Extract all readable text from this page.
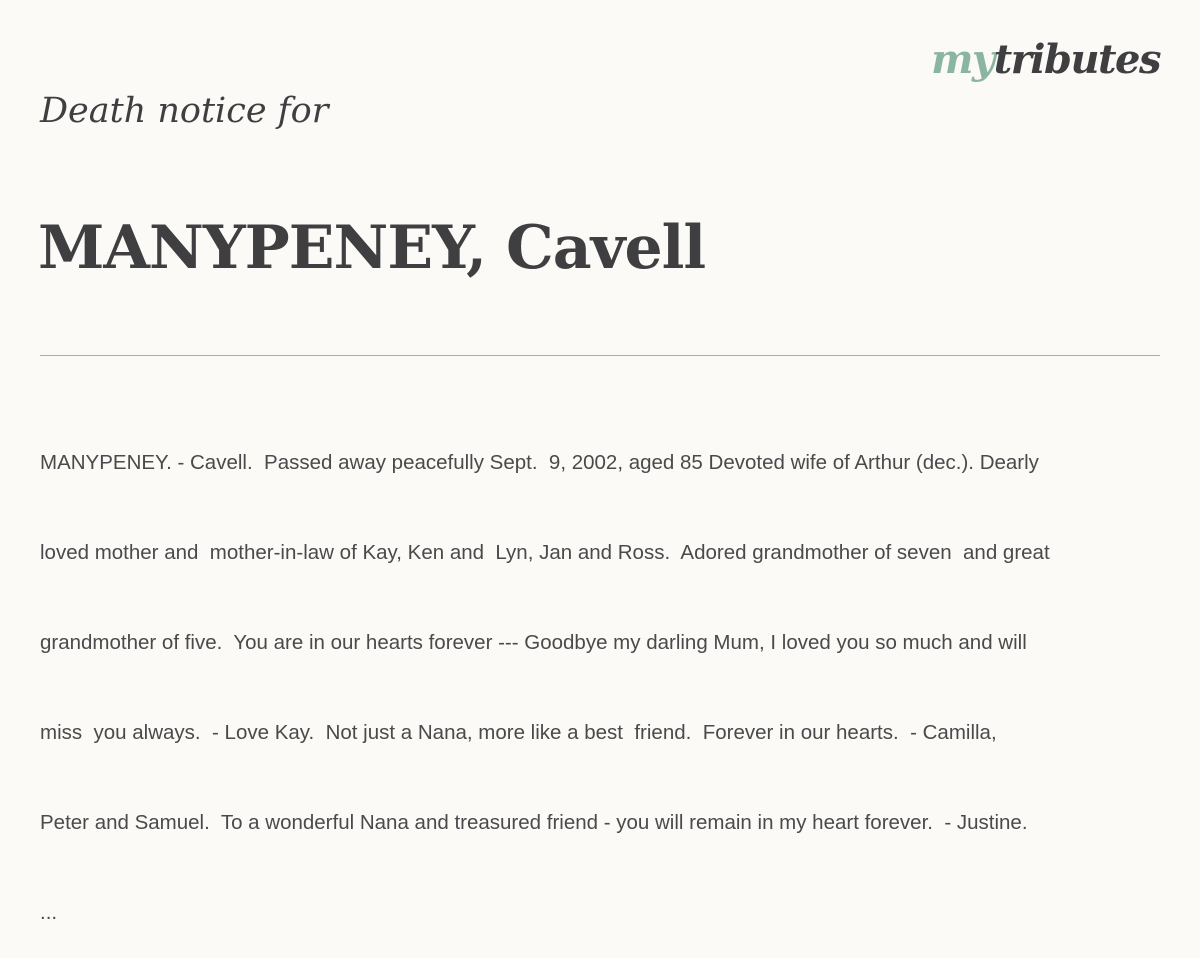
mytributes
Death notice for
MANYPENEY, Cavell

MANYPENEY. - Cavell.  Passed away peacefully Sept.  9, 2002, aged 85 Devoted wife of Arthur (dec.). Dearly

loved mother and  mother-in-law of Kay, Ken and  Lyn, Jan and Ross.  Adored grandmother of seven  and great

grandmother of five.  You are in our hearts forever --- Goodbye my darling Mum, I loved you so much and will

miss  you always.  - Love Kay.  Not just a Nana, more like a best  friend.  Forever in our hearts.  - Camilla,

Peter and Samuel.  To a wonderful Nana and treasured friend - you will remain in my heart forever.  - Justine.

...
